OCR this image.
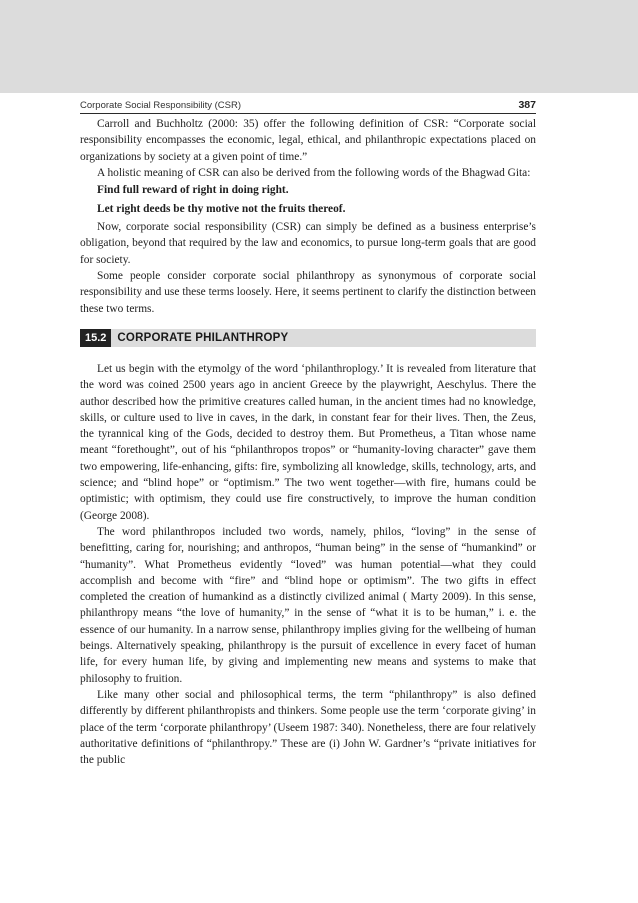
Corporate Social Responsibility (CSR)	387

Carroll and Buchholtz (2000: 35) offer the following definition of CSR: “Corporate social responsibility encompasses the economic, legal, ethical, and philanthropic expectations placed on organizations by society at a given point of time.”

A holistic meaning of CSR can also be derived from the following words of the Bhagwad Gita:

Find full reward of right in doing right.
Let right deeds be thy motive not the fruits thereof.

Now, corporate social responsibility (CSR) can simply be defined as a business enterprise’s obligation, beyond that required by the law and economics, to pursue long-term goals that are good for society.

Some people consider corporate social philanthropy as synonymous of corporate social responsibility and use these terms loosely. Here, it seems pertinent to clarify the distinction between these two terms.

15.2 CORPORATE PHILANTHROPY

Let us begin with the etymolgy of the word ‘philanthroplogy.’ It is revealed from literature that the word was coined 2500 years ago in ancient Greece by the playwright, Aeschylus. There the author described how the primitive creatures called human, in the ancient times had no knowledge, skills, or culture used to live in caves, in the dark, in constant fear for their lives. Then, the Zeus, the tyrannical king of the Gods, decided to destroy them. But Prometheus, a Titan whose name meant “forethought”, out of his “philanthropos tropos” or “humanity-loving character” gave them two empowering, life-enhancing, gifts: fire, symbolizing all knowledge, skills, technology, arts, and science; and “blind hope” or “optimism.” The two went together—with fire, humans could be optimistic; with optimism, they could use fire constructively, to improve the human condition (George 2008).

The word philanthropos included two words, namely, philos, “loving” in the sense of benefitting, caring for, nourishing; and anthropos, “human being” in the sense of “humankind” or “humanity”. What Prometheus evidently “loved” was human potential—what they could accomplish and become with “fire” and “blind hope or optimism”. The two gifts in effect completed the creation of humankind as a distinctly civilized animal ( Marty 2009). In this sense, philanthropy means “the love of humanity,” in the sense of “what it is to be human,” i. e. the essence of our humanity. In a narrow sense, philanthropy implies giving for the wellbeing of human beings. Alternatively speaking, philanthropy is the pursuit of excellence in every facet of human life, for every human life, by giving and implementing new means and systems to make that philosophy to fruition.

Like many other social and philosophical terms, the term “philanthropy” is also defined differently by different philanthropists and thinkers. Some people use the term ‘corporate giving’ in place of the term ‘corporate philanthropy’ (Useem 1987: 340). Nonetheless, there are four relatively authoritative definitions of “philanthropy.” These are (i) John W. Gardner’s “private initiatives for the public
